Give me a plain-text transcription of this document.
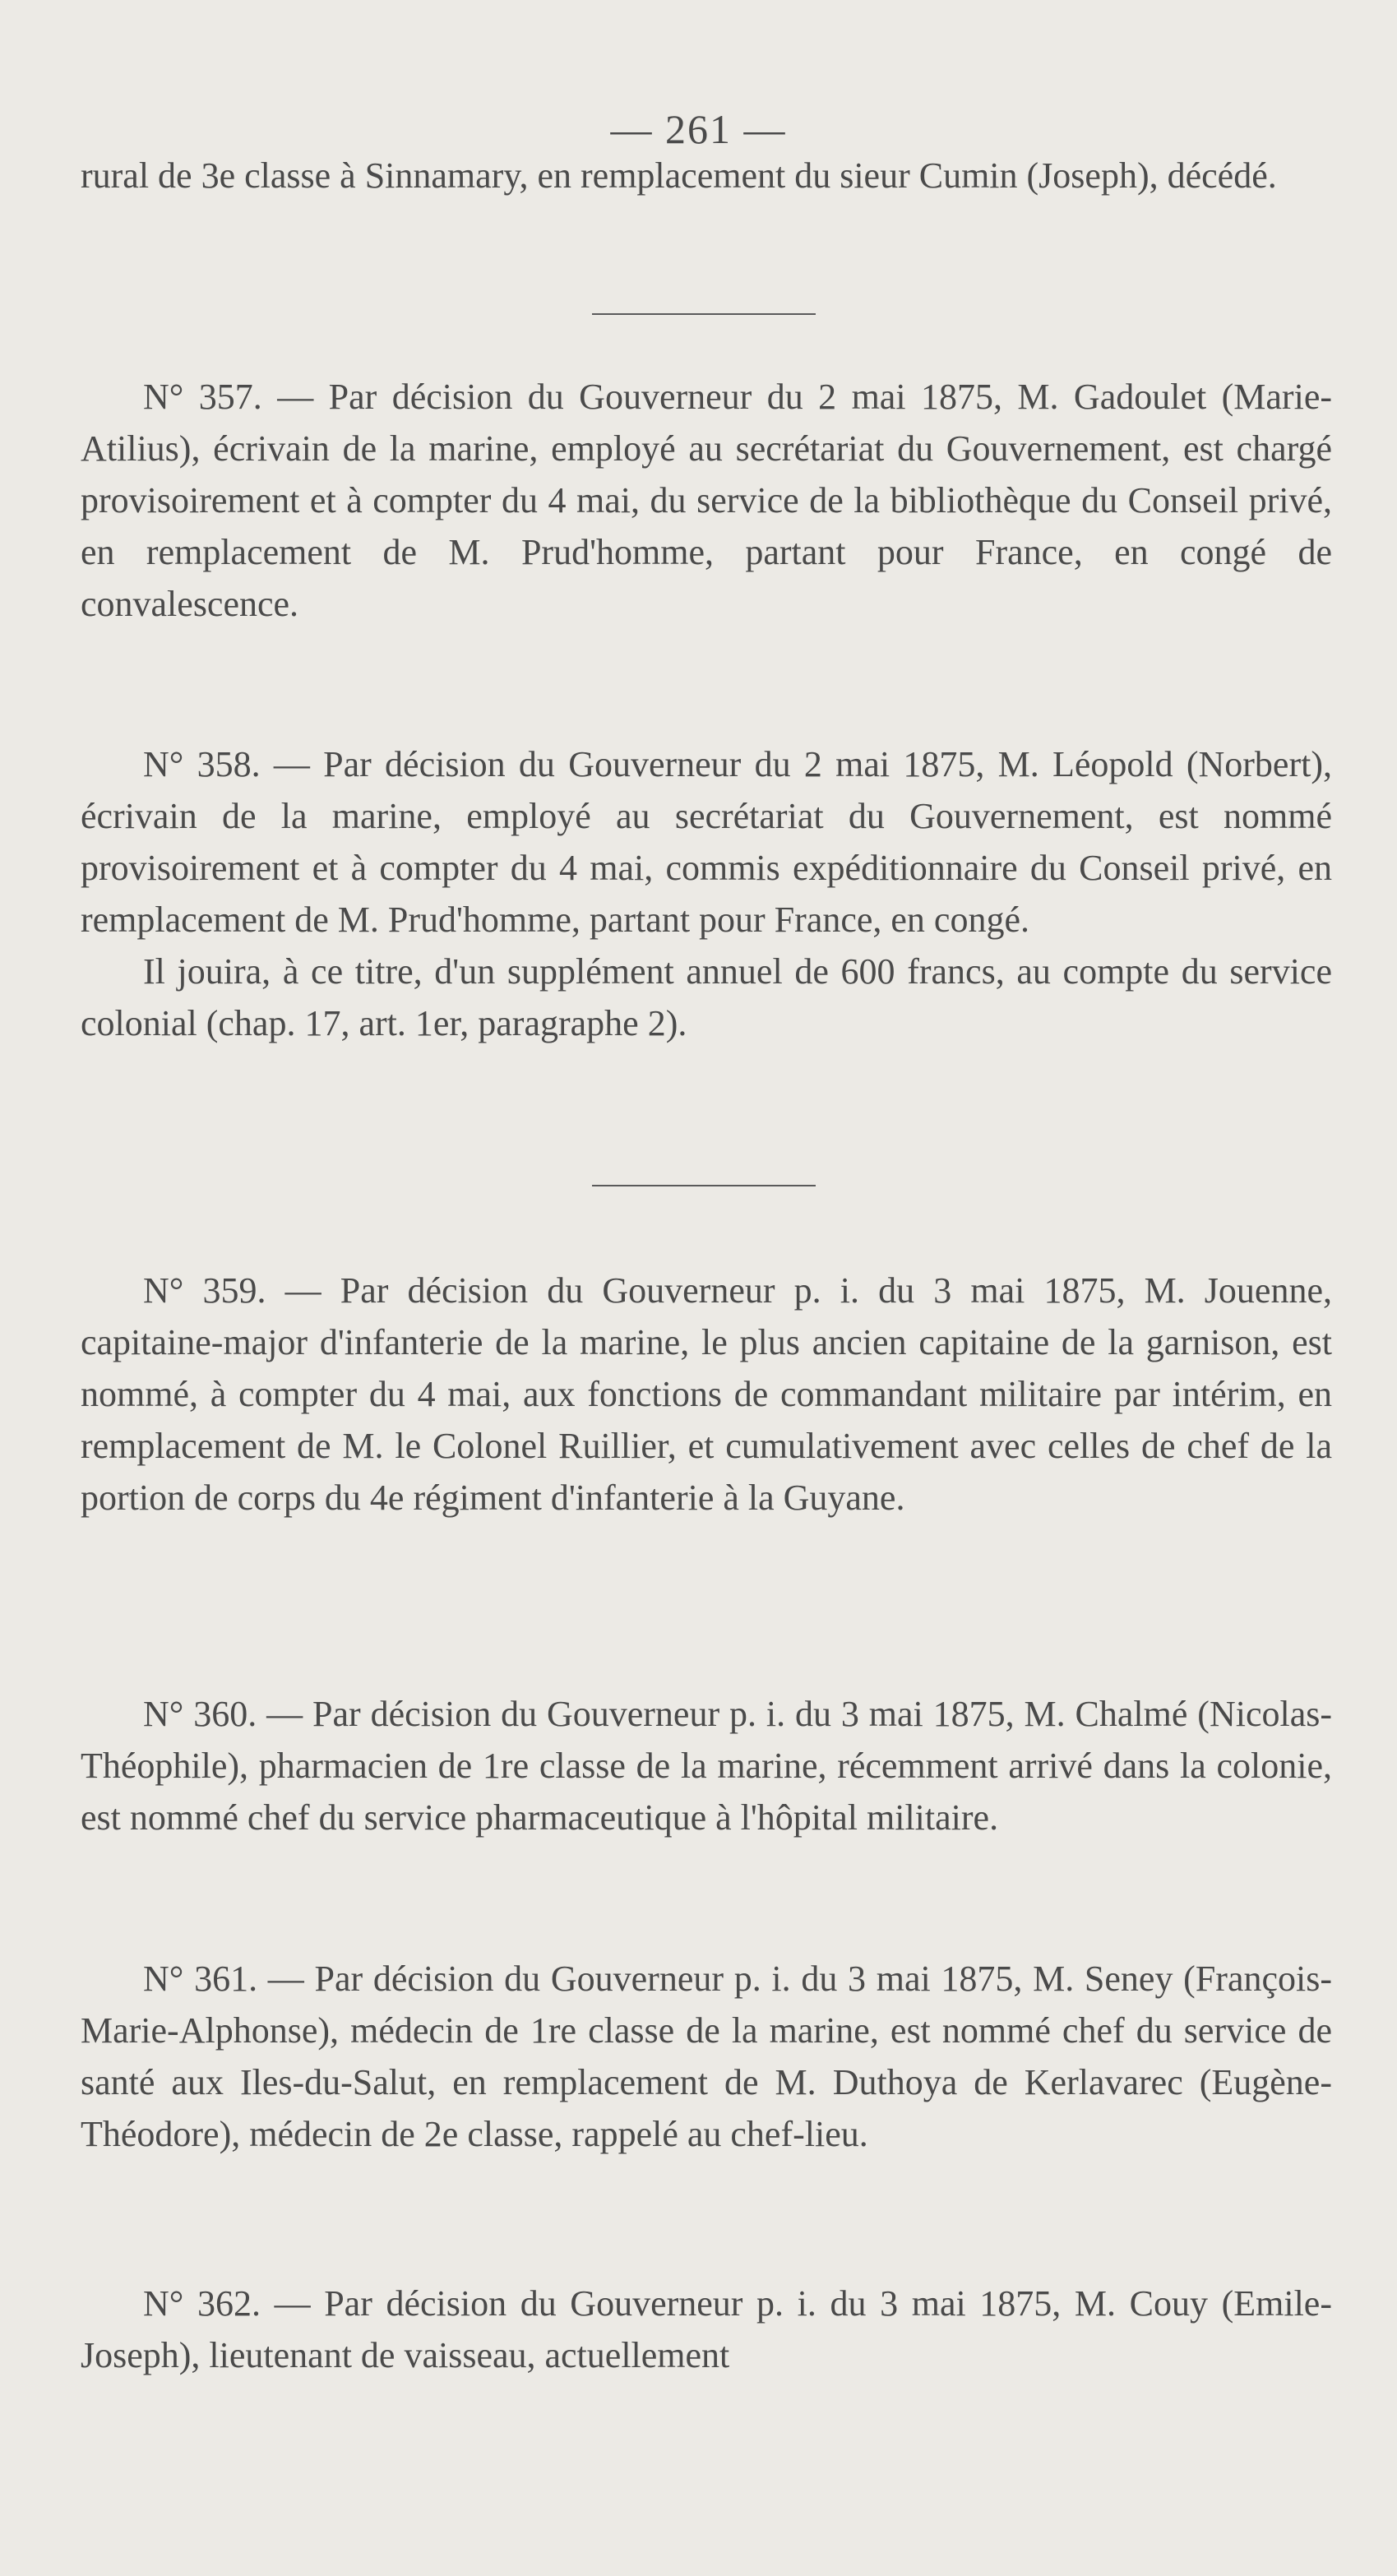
— 261 —

rural de 3e classe à Sinnamary, en remplacement du sieur Cumin (Joseph), décédé.

N° 357. — Par décision du Gouverneur du 2 mai 1875, M. Gadoulet (Marie-Atilius), écrivain de la marine, employé au secrétariat du Gouvernement, est chargé provisoirement et à compter du 4 mai, du service de la bibliothèque du Conseil privé, en remplacement de M. Prud'homme, partant pour France, en congé de convalescence.

N° 358. — Par décision du Gouverneur du 2 mai 1875, M. Léopold (Norbert), écrivain de la marine, employé au secrétariat du Gouvernement, est nommé provisoirement et à compter du 4 mai, commis expéditionnaire du Conseil privé, en remplacement de M. Prud'homme, partant pour France, en congé.

Il jouira, à ce titre, d'un supplément annuel de 600 francs, au compte du service colonial (chap. 17, art. 1er, paragraphe 2).

N° 359. — Par décision du Gouverneur p. i. du 3 mai 1875, M. Jouenne, capitaine-major d'infanterie de la marine, le plus ancien capitaine de la garnison, est nommé, à compter du 4 mai, aux fonctions de commandant militaire par intérim, en remplacement de M. le Colonel Ruillier, et cumulativement avec celles de chef de la portion de corps du 4e régiment d'infanterie à la Guyane.

N° 360. — Par décision du Gouverneur p. i. du 3 mai 1875, M. Chalmé (Nicolas-Théophile), pharmacien de 1re classe de la marine, récemment arrivé dans la colonie, est nommé chef du service pharmaceutique à l'hôpital militaire.

N° 361. — Par décision du Gouverneur p. i. du 3 mai 1875, M. Seney (François-Marie-Alphonse), médecin de 1re classe de la marine, est nommé chef du service de santé aux Iles-du-Salut, en remplacement de M. Duthoya de Kerlavarec (Eugène-Théodore), médecin de 2e classe, rappelé au chef-lieu.

N° 362. — Par décision du Gouverneur p. i. du 3 mai 1875, M. Couy (Emile-Joseph), lieutenant de vaisseau, actuellement
